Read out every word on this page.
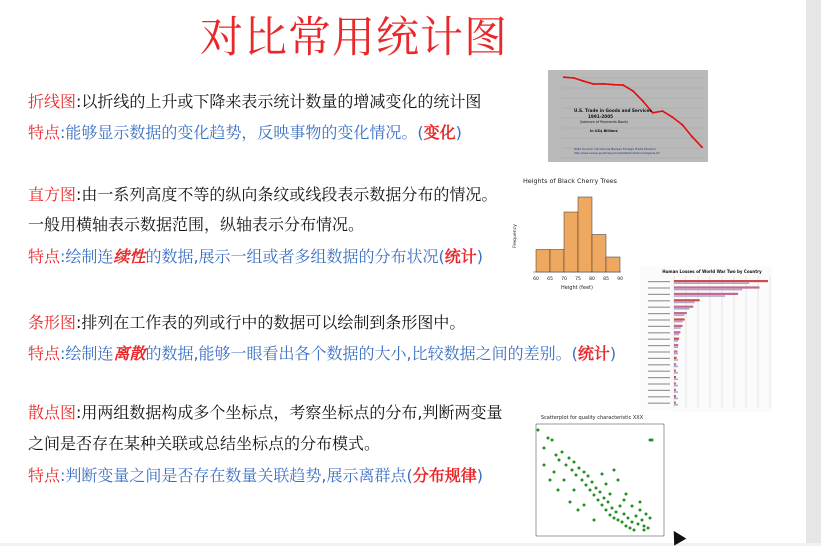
对比常用统计图
折线图:以折线的上升或下降来表示统计数量的增减变化的统计图
特点:能够显示数据的变化趋势，反映事物的变化情况。(变化)
直方图:由一系列高度不等的纵向条纹或线段表示数据分布的情况。
一般用横轴表示数据范围，纵轴表示分布情况。
特点:绘制连续性的数据,展示一组或者多组数据的分布状况(统计)
条形图:排列在工作表的列或行中的数据可以绘制到条形图中。
特点:绘制连离散的数据,能够一眼看出各个数据的大小,比较数据之间的差别。(统计)
散点图:用两组数据构成多个坐标点，考察坐标点的分布,判断两变量
之间是否存在某种关联或总结坐标点的分布模式。
特点:判断变量之间是否存在数量关联趋势,展示离群点(分布规律)
U.S. Trade in Goods and Services
1991-2005
(balance of Payments Basis)
In US$ Billions
Data Source: US Census Bureau Foreign Trade Division
http://www.census.gov/foreign-trade/statistics/historical/gands.txt
Heights of Black Cherry Trees
Frequency
60 65 70 75 80 85 90
Height (feet)
Human Losses of World War Two by Country
Scatterplot for quality characteristic XXX
